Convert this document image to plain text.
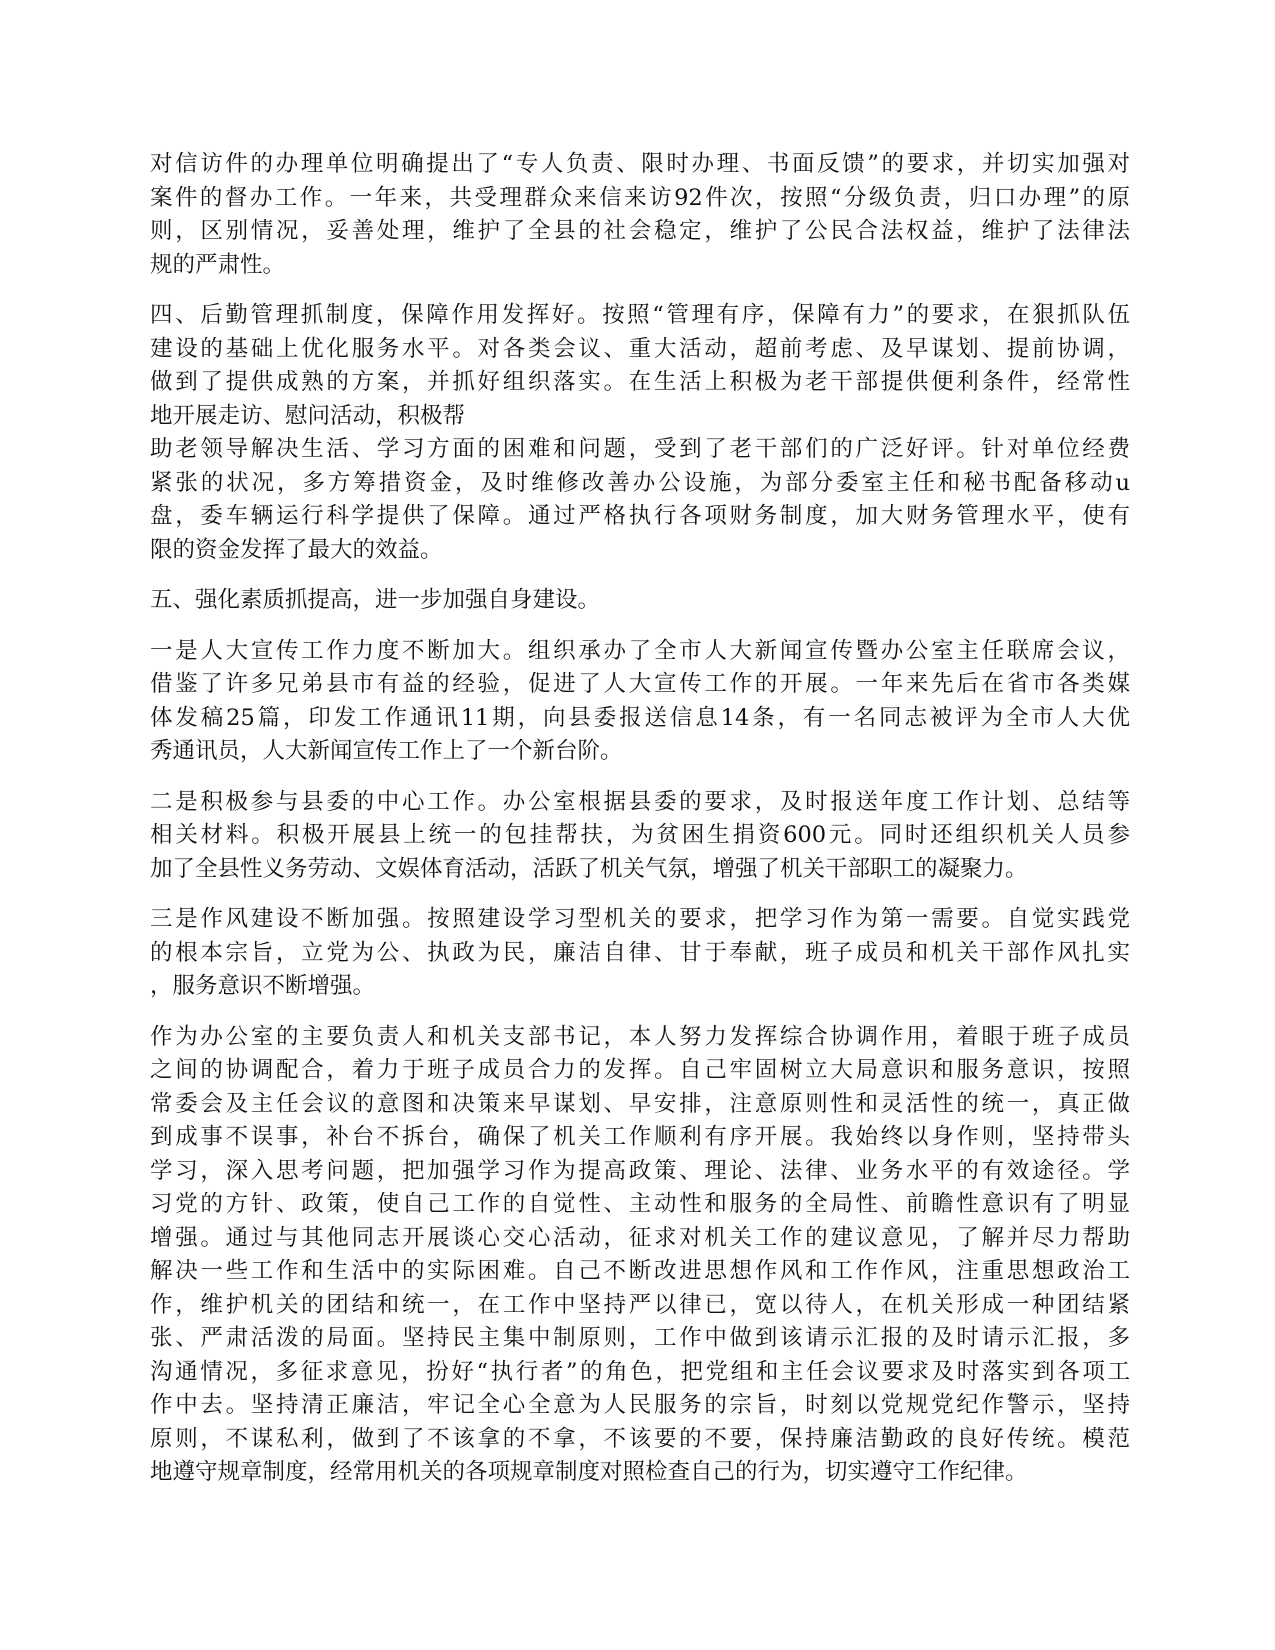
对信访件的办理单位明确提出了“专人负责、限时办理、书面反馈”的要求，并切实加强对
案件的督办工作。一年来，共受理群众来信来访92件次，按照“分级负责，归口办理”的原
则，区别情况，妥善处理，维护了全县的社会稳定，维护了公民合法权益，维护了法律法
规的严肃性。

四、后勤管理抓制度，保障作用发挥好。按照“管理有序，保障有力”的要求，在狠抓队伍
建设的基础上优化服务水平。对各类会议、重大活动，超前考虑、及早谋划、提前协调，
做到了提供成熟的方案，并抓好组织落实。在生活上积极为老干部提供便利条件，经常性
地开展走访、慰问活动，积极帮
助老领导解决生活、学习方面的困难和问题，受到了老干部们的广泛好评。针对单位经费
紧张的状况，多方筹措资金，及时维修改善办公设施，为部分委室主任和秘书配备移动u
盘，委车辆运行科学提供了保障。通过严格执行各项财务制度，加大财务管理水平，使有
限的资金发挥了最大的效益。

五、强化素质抓提高，进一步加强自身建设。

一是人大宣传工作力度不断加大。组织承办了全市人大新闻宣传暨办公室主任联席会议，
借鉴了许多兄弟县市有益的经验，促进了人大宣传工作的开展。一年来先后在省市各类媒
体发稿25篇，印发工作通讯11期，向县委报送信息14条，有一名同志被评为全市人大优
秀通讯员，人大新闻宣传工作上了一个新台阶。

二是积极参与县委的中心工作。办公室根据县委的要求，及时报送年度工作计划、总结等
相关材料。积极开展县上统一的包挂帮扶，为贫困生捐资600元。同时还组织机关人员参
加了全县性义务劳动、文娱体育活动，活跃了机关气氛，增强了机关干部职工的凝聚力。

三是作风建设不断加强。按照建设学习型机关的要求，把学习作为第一需要。自觉实践党
的根本宗旨，立党为公、执政为民，廉洁自律、甘于奉献，班子成员和机关干部作风扎实
，服务意识不断增强。

作为办公室的主要负责人和机关支部书记，本人努力发挥综合协调作用，着眼于班子成员
之间的协调配合，着力于班子成员合力的发挥。自己牢固树立大局意识和服务意识，按照
常委会及主任会议的意图和决策来早谋划、早安排，注意原则性和灵活性的统一，真正做
到成事不误事，补台不拆台，确保了机关工作顺利有序开展。我始终以身作则，坚持带头
学习，深入思考问题，把加强学习作为提高政策、理论、法律、业务水平的有效途径。学
习党的方针、政策，使自己工作的自觉性、主动性和服务的全局性、前瞻性意识有了明显
增强。通过与其他同志开展谈心交心活动，征求对机关工作的建议意见，了解并尽力帮助
解决一些工作和生活中的实际困难。自己不断改进思想作风和工作作风，注重思想政治工
作，维护机关的团结和统一，在工作中坚持严以律已，宽以待人，在机关形成一种团结紧
张、严肃活泼的局面。坚持民主集中制原则，工作中做到该请示汇报的及时请示汇报，多
沟通情况，多征求意见，扮好“执行者”的角色，把党组和主任会议要求及时落实到各项工
作中去。坚持清正廉洁，牢记全心全意为人民服务的宗旨，时刻以党规党纪作警示，坚持
原则，不谋私利，做到了不该拿的不拿，不该要的不要，保持廉洁勤政的良好传统。模范
地遵守规章制度，经常用机关的各项规章制度对照检查自己的行为，切实遵守工作纪律。
